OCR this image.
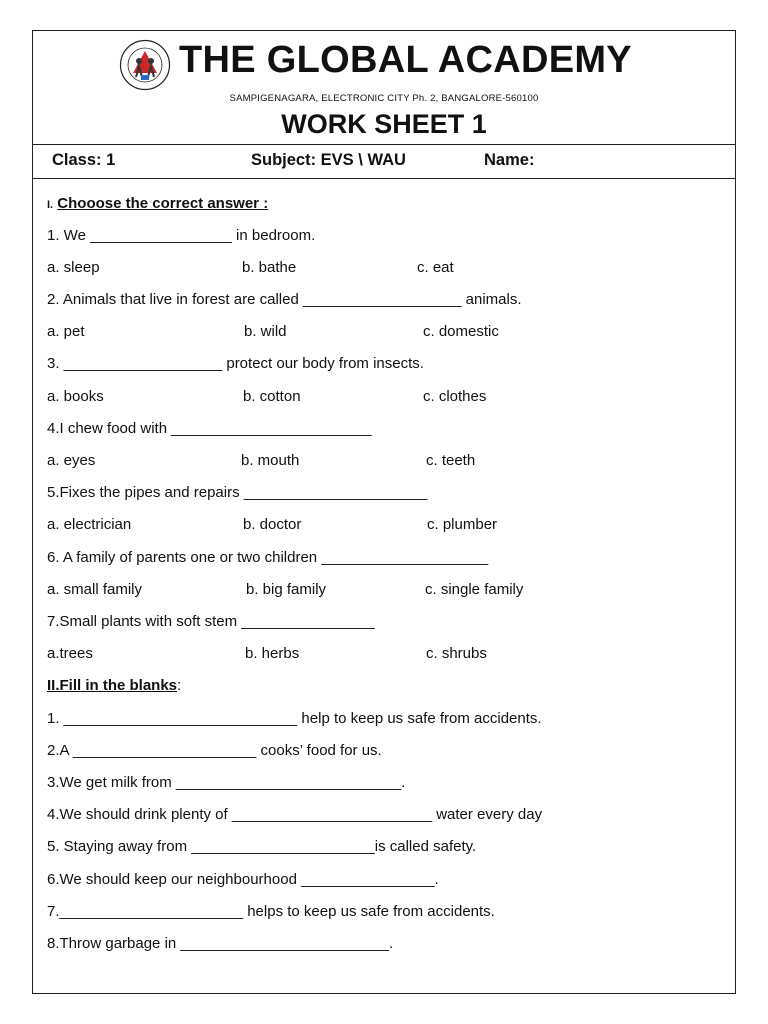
THE GLOBAL ACADEMY
SAMPIGENAGARA, ELECTRONIC CITY Ph. 2, BANGALORE-560100
WORK SHEET 1
Class: 1	Subject: EVS \ WAU	Name:
I. Chooose the correct answer :
1. We _________________ in bedroom.
a. sleep	b. bathe	c. eat
2. Animals that live in forest are called ___________________ animals.
a. pet	b. wild	c. domestic
3. ___________________ protect our body from insects.
a. books	b. cotton	c. clothes
4.I chew food with ________________________
a. eyes	b. mouth	c. teeth
5.Fixes the pipes and repairs ______________________
a. electrician	b. doctor	c. plumber
6. A family of parents one or two children ____________________
a. small family	b. big family	c. single family
7.Small plants with soft stem ________________
a.trees	b. herbs	c. shrubs
II.Fill in the blanks:
1. ____________________________ help to keep us safe from accidents.
2.A ______________________ cooks’ food for us.
3.We get milk from ___________________________.
4.We should drink plenty of ________________________ water every day
5. Staying away from ______________________is called safety.
6.We should keep our neighbourhood ________________.
7.______________________ helps to keep us safe from accidents.
8.Throw garbage in _________________________.
